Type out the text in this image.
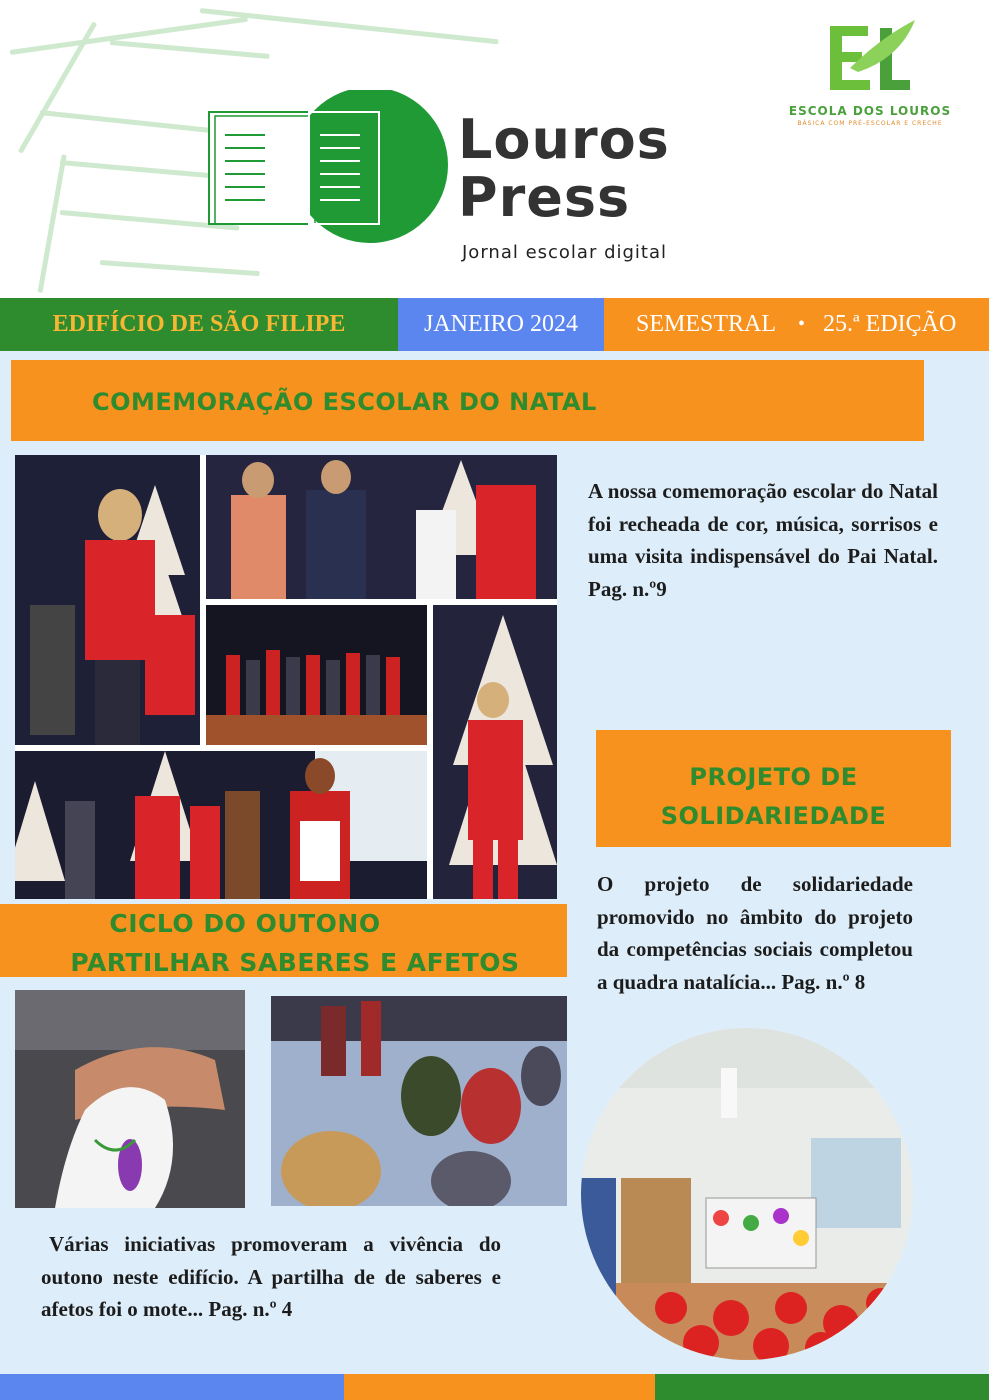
Louros
Press
Jornal escolar digital
ESCOLA DOS LOUROS
BÁSICA COM PRÉ-ESCOLAR E CRECHE
EDIFÍCIO DE SÃO FILIPE	JANEIRO 2024 SEMESTRAL • 25.ª EDIÇÃO
COMEMORAÇÃO ESCOLAR DO NATAL
A nossa comemoração escolar do Natal foi recheada de cor, música, sorrisos e uma visita indispensável do Pai Natal. Pag. n.º9
PROJETO DE
SOLIDARIEDADE
O projeto de solidariedade promovido no âmbito do projeto da competências sociais completou a quadra natalícia... Pag. n.º 8
CICLO DO OUTONO
PARTILHAR SABERES E AFETOS
Várias iniciativas promoveram a vivência do outono neste edifício. A partilha de de saberes e afetos foi o mote... Pag. n.º 4
